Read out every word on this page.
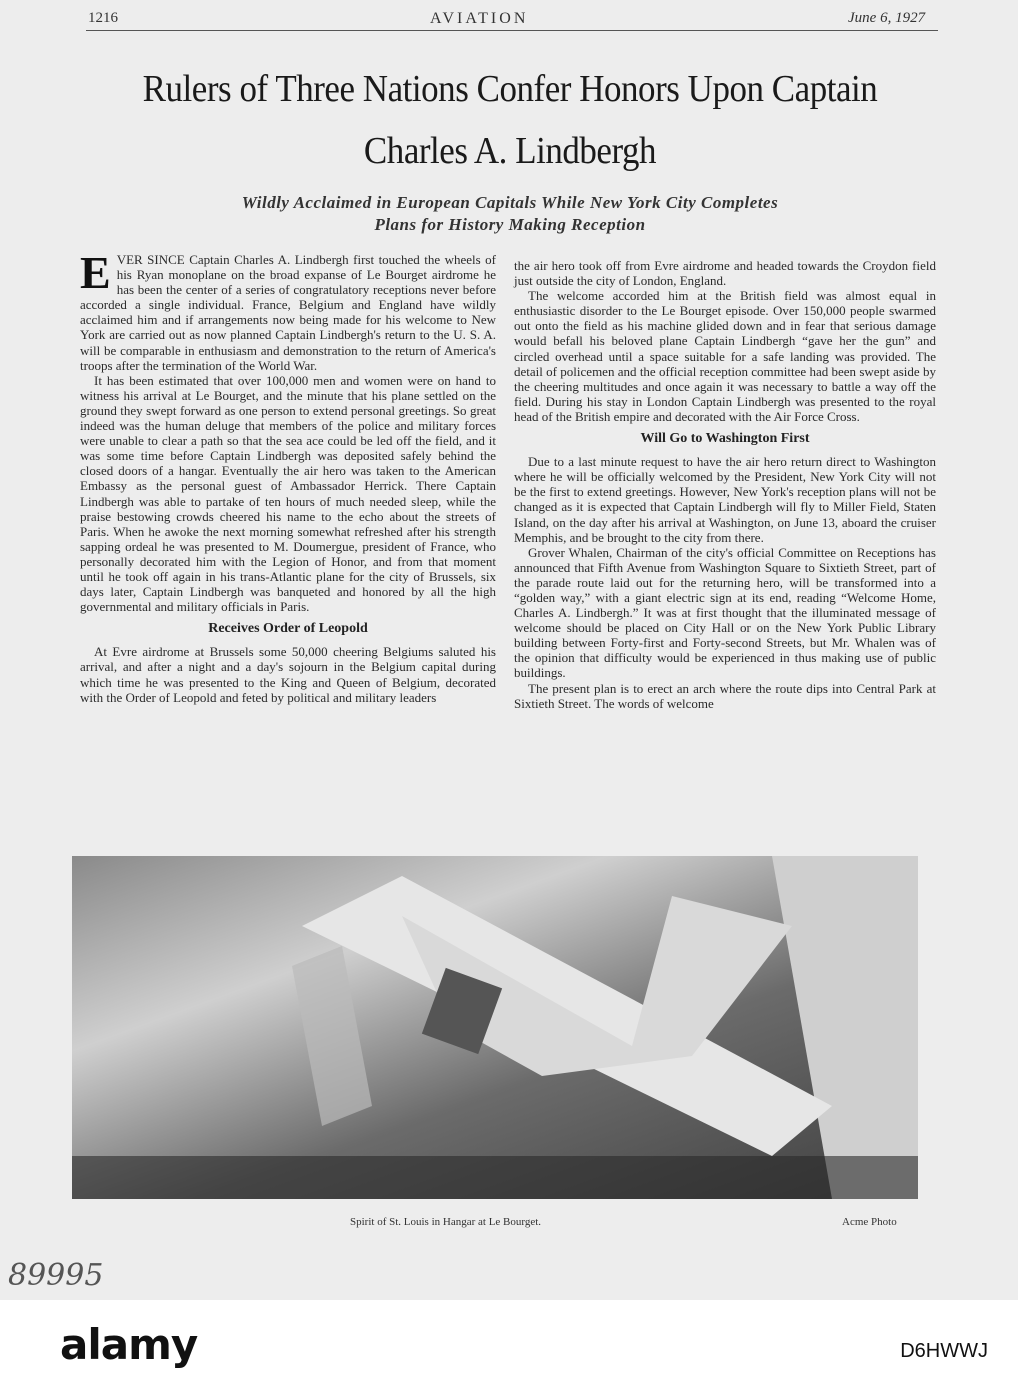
1216	AVIATION	June 6, 1927
Rulers of Three Nations Confer Honors Upon Captain Charles A. Lindbergh
Wildly Acclaimed in European Capitals While New York City Completes Plans for History Making Reception

EVER SINCE Captain Charles A. Lindbergh first touched the wheels of his Ryan monoplane on the broad expanse of Le Bourget airdrome he has been the center of a series of congratulatory receptions never before accorded a single individual. France, Belgium and England have wildly acclaimed him and if arrangements now being made for his welcome to New York are carried out as now planned Captain Lindbergh's return to the U. S. A. will be comparable in enthusiasm and demonstration to the return of America's troops after the termination of the World War.

It has been estimated that over 100,000 men and women were on hand to witness his arrival at Le Bourget, and the minute that his plane settled on the ground they swept forward as one person to extend personal greetings. So great indeed was the human deluge that members of the police and military forces were unable to clear a path so that the sea ace could be led off the field, and it was some time before Captain Lindbergh was deposited safely behind the closed doors of a hangar. Eventually the air hero was taken to the American Embassy as the personal guest of Ambassador Herrick. There Captain Lindbergh was able to partake of ten hours of much needed sleep, while the praise bestowing crowds cheered his name to the echo about the streets of Paris. When he awoke the next morning somewhat refreshed after his strength sapping ordeal he was presented to M. Doumergue, president of France, who personally decorated him with the Legion of Honor, and from that moment until he took off again in his trans-Atlantic plane for the city of Brussels, six days later, Captain Lindbergh was banqueted and honored by all the high governmental and military officials in Paris.

Receives Order of Leopold

At Evre airdrome at Brussels some 50,000 cheering Belgiums saluted his arrival, and after a night and a day's sojourn in the Belgium capital during which time he was presented to the King and Queen of Belgium, decorated with the Order of Leopold and feted by political and military leaders

the air hero took off from Evre airdrome and headed towards the Croydon field just outside the city of London, England.

The welcome accorded him at the British field was almost equal in enthusiastic disorder to the Le Bourget episode. Over 150,000 people swarmed out onto the field as his machine glided down and in fear that serious damage would befall his beloved plane Captain Lindbergh “gave her the gun” and circled overhead until a space suitable for a safe landing was provided. The detail of policemen and the official reception committee had been swept aside by the cheering multitudes and once again it was necessary to battle a way off the field. During his stay in London Captain Lindbergh was presented to the royal head of the British empire and decorated with the Air Force Cross.

Will Go to Washington First

Due to a last minute request to have the air hero return direct to Washington where he will be officially welcomed by the President, New York City will not be the first to extend greetings. However, New York's reception plans will not be changed as it is expected that Captain Lindbergh will fly to Miller Field, Staten Island, on the day after his arrival at Washington, on June 13, aboard the cruiser Memphis, and be brought to the city from there.

Grover Whalen, Chairman of the city's official Committee on Receptions has announced that Fifth Avenue from Washington Square to Sixtieth Street, part of the parade route laid out for the returning hero, will be transformed into a “golden way,” with a giant electric sign at its end, reading “Welcome Home, Charles A. Lindbergh.” It was at first thought that the illuminated message of welcome should be placed on City Hall or on the New York Public Library building between Forty-first and Forty-second Streets, but Mr. Whalen was of the opinion that difficulty would be experienced in thus making use of public buildings.

The present plan is to erect an arch where the route dips into Central Park at Sixtieth Street. The words of welcome

Spirit of St. Louis in Hangar at Le Bourget.	Acme Photo
89995
alamy	D6HWWJ
